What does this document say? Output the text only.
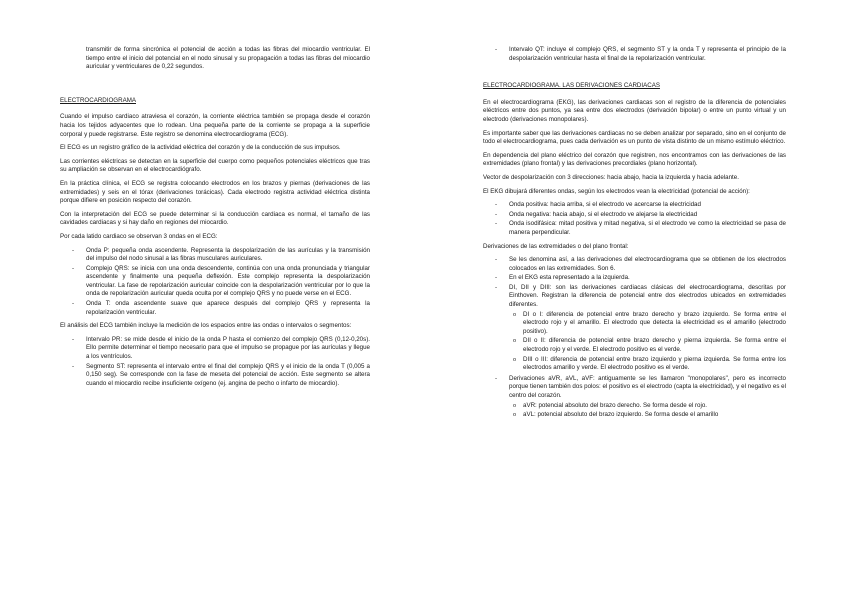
transmitir de forma sincrónica el potencial de acción a todas las fibras del miocardio ventricular. El tiempo entre el inicio del potencial en el nodo sinusal y su propagación a todas las fibras del miocardio auricular y ventriculares de 0,22 segundos.

ELECTROCARDIOGRAMA

Cuando el impulso cardiaco atraviesa el corazón, la corriente eléctrica también se propaga desde el corazón hacia los tejidos adyacentes que lo rodean. Una pequeña parte de la corriente se propaga a la superficie corporal y puede registrarse. Este registro se denomina electrocardiograma (ECG).

El ECG es un registro gráfico de la actividad eléctrica del corazón y de la conducción de sus impulsos.

Las corrientes eléctricas se detectan en la superficie del cuerpo como pequeños potenciales eléctricos que tras su ampliación se observan en el electrocardiógrafo.

En la práctica clínica, el ECG se registra colocando electrodos en los brazos y piernas (derivaciones de las extremidades) y seis en el tórax (derivaciones torácicas). Cada electrodo registra actividad eléctrica distinta porque difiere en posición respecto del corazón.

Con la interpretación del ECG se puede determinar si la conducción cardiaca es normal, el tamaño de las cavidades cardiacas y si hay daño en regiones del miocardio.

Por cada latido cardiaco se observan 3 ondas en el ECG:

- Onda P: pequeña onda ascendente. Representa la despolarización de las aurículas y la transmisión del impulso del nodo sinusal a las fibras musculares auriculares.
- Complejo QRS: se inicia con una onda descendente, continúa con una onda pronunciada y triangular ascendente y finalmente una pequeña deflexión. Este complejo representa la despolarización ventricular. La fase de repolarización auricular coincide con la despolarización ventricular por lo que la onda de repolarización auricular queda oculta por el complejo QRS y no puede verse en el ECG.
- Onda T: onda ascendente suave que aparece después del complejo QRS y representa la repolarización ventricular.

El análisis del ECG también incluye la medición de los espacios entre las ondas o intervalos o segmentos:

- Intervalo PR: se mide desde el inicio de la onda P hasta el comienzo del complejo QRS (0,12-0,20s). Ello permite determinar el tiempo necesario para que el impulso se propague por las aurículas y llegue a los ventrículos.
- Segmento ST: representa el intervalo entre el final del complejo QRS y el inicio de la onda T (0,005 a 0,150 seg). Se corresponde con la fase de meseta del potencial de acción. Este segmento se altera cuando el miocardio recibe insuficiente oxígeno (ej. angina de pecho o infarto de miocardio).
- Intervalo QT: incluye el complejo QRS, el segmento ST y la onda T y representa el principio de la despolarización ventricular hasta el final de la repolarización ventricular.

ELECTROCARDIOGRAMA. LAS DERIVACIONES CARDIACAS

En el electrocardiograma (EKG), las derivaciones cardiacas son el registro de la diferencia de potenciales eléctricos entre dos puntos, ya sea entre dos electrodos (derivación bipolar) o entre un punto virtual y un electrodo (derivaciones monopolares).

Es importante saber que las derivaciones cardiacas no se deben analizar por separado, sino en el conjunto de todo el electrocardiograma, pues cada derivación es un punto de vista distinto de un mismo estímulo eléctrico.

En dependencia del plano eléctrico del corazón que registren, nos encontramos con las derivaciones de las extremidades (plano frontal) y las derivaciones precordiales (plano horizontal).

Vector de despolarización con 3 direcciones: hacia abajo, hacia la izquierda y hacia adelante.

El EKG dibujará diferentes ondas, según los electrodos vean la electricidad (potencial de acción):

- Onda positiva: hacia arriba, si el electrodo ve acercarse la electricidad
- Onda negativa: hacia abajo, si el electrodo ve alejarse la electricidad
- Onda isodifásica: mitad positiva y mitad negativa, si el electrodo ve como la electricidad se pasa de manera perpendicular.

Derivaciones de las extremidades o del plano frontal:

- Se les denomina así, a las derivaciones del electrocardiograma que se obtienen de los electrodos colocados en las extremidades. Son 6.
- En el EKG esta representado a la izquierda.
- DI, DII y DIII: son las derivaciones cardiacas clásicas del electrocardiograma, descritas por Einthoven. Registran la diferencia de potencial entre dos electrodos ubicados en extremidades diferentes.
o DI o I: diferencia de potencial entre brazo derecho y brazo izquierdo. Se forma entre el electrodo rojo y el amarillo. El electrodo que detecta la electricidad es el amarillo (electrodo positivo).
o DII o II: diferencia de potencial entre brazo derecho y pierna izquierda. Se forma entre el electrodo rojo y el verde. El electrodo positivo es el verde.
o DIII o III: diferencia de potencial entre brazo izquierdo y pierna izquierda. Se forma entre los electrodos amarillo y verde. El electrodo positivo es el verde.
- Derivaciones aVR, aVL, aVF: antiguamente se les llamaron "monopolares", pero es incorrecto porque tienen también dos polos: el positivo es el electrodo (capta la electricidad), y el negativo es el centro del corazón.
o aVR: potencial absoluto del brazo derecho. Se forma desde el rojo.
o aVL: potencial absoluto del brazo izquierdo. Se forma desde el amarillo
